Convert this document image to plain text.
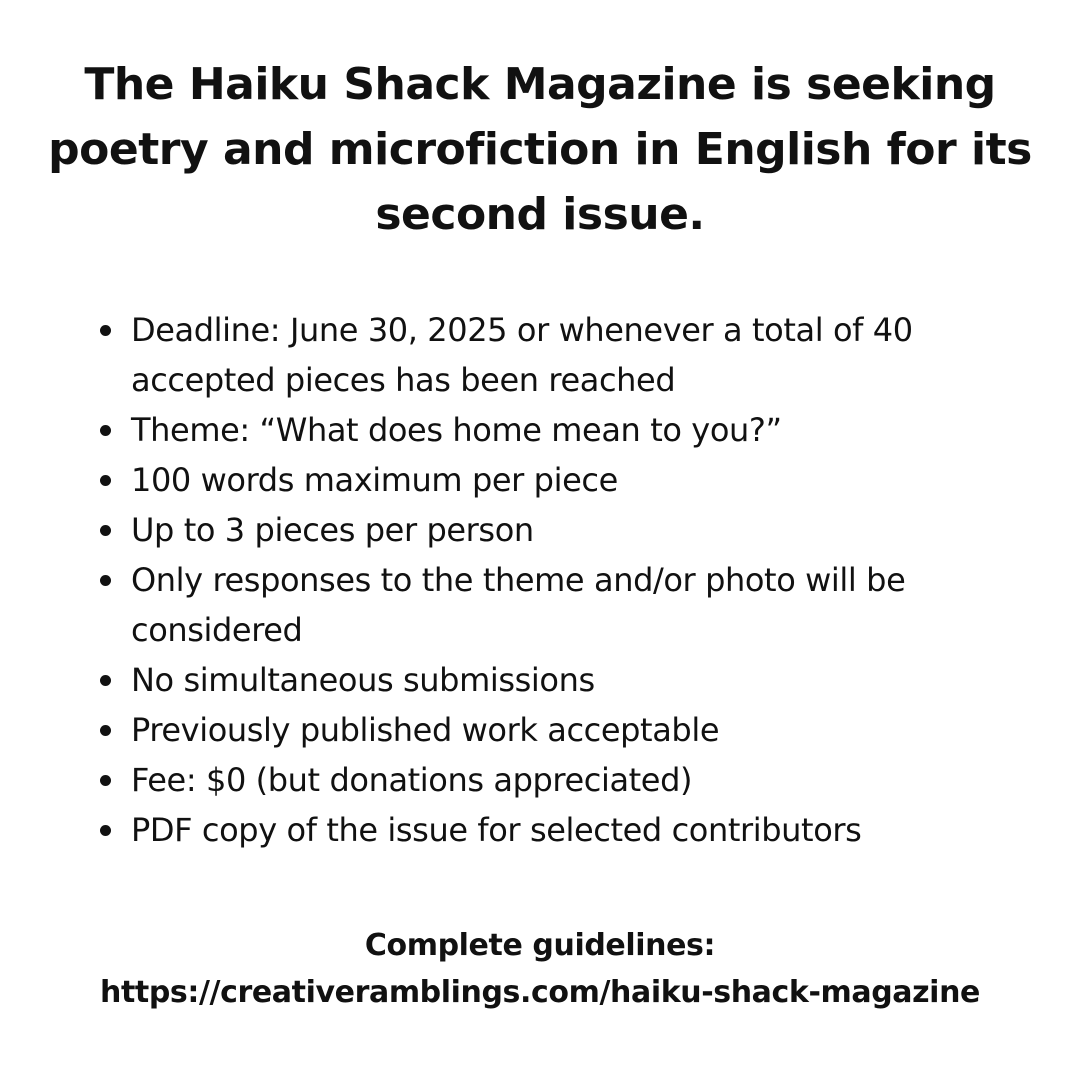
The Haiku Shack Magazine is seeking poetry and microfiction in English for its second issue.
Deadline: June 30, 2025 or whenever a total of 40 accepted pieces has been reached
Theme: “What does home mean to you?”
100 words maximum per piece
Up to 3 pieces per person
Only responses to the theme and/or photo will be considered
No simultaneous submissions
Previously published work acceptable
Fee: $0 (but donations appreciated)
PDF copy of the issue for selected contributors
Complete guidelines:
https://creativeramblings.com/haiku-shack-magazine
